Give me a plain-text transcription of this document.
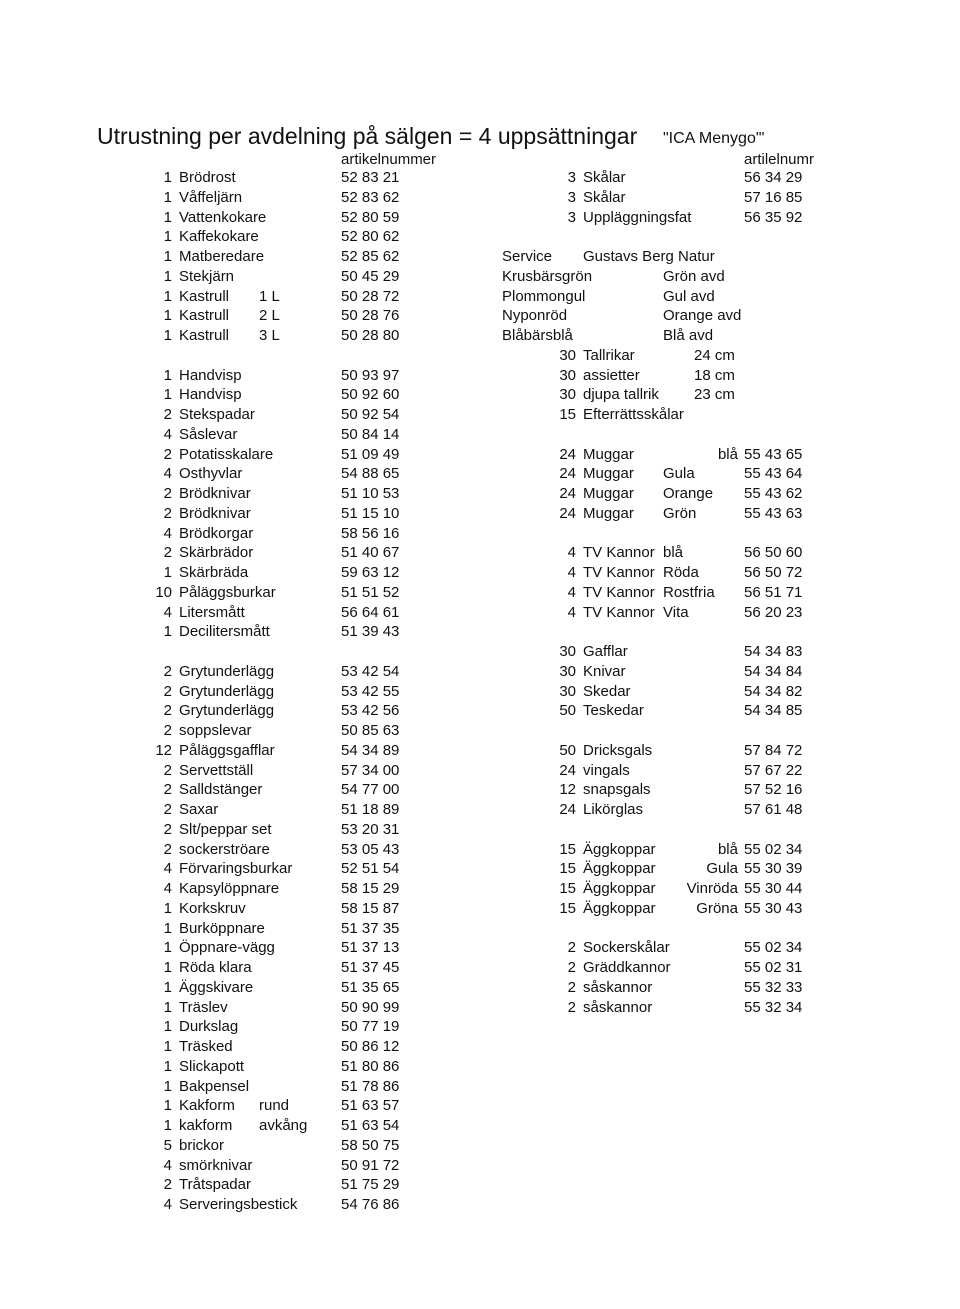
Utrustning per avdelning på sälgen = 4 uppsättningar "ICA Menygo"'
artikelnummer	artilelnumr
1 Brödrost	52 83 21
1 Våffeljärn	52 83 62
1 Vattenkokare	52 80 59
1 Kaffekokare	52 80 62
1 Matberedare	52 85 62
1 Stekjärn	50 45 29
1 Kastrull 1 L	50 28 72
1 Kastrull 2 L	50 28 76
1 Kastrull 3 L	50 28 80
1 Handvisp	50 93 97
1 Handvisp	50 92 60
2 Stekspadar	50 92 54
4 Såslevar	50 84 14
2 Potatisskalare	51 09 49
4 Osthyvlar	54 88 65
2 Brödknivar	51 10 53
2 Brödknivar	51 15 10
4 Brödkorgar	58 56 16
2 Skärbrädor	51 40 67
1 Skärbräda	59 63 12
10 Påläggsburkar	51 51 52
4 Litersmått	56 64 61
1 Decilitersmått	51 39 43
2 Grytunderlägg	53 42 54
2 Grytunderlägg	53 42 55
2 Grytunderlägg	53 42 56
2 soppslevar	50 85 63
12 Påläggsgafflar	54 34 89
2 Servettställ	57 34 00
2 Salldstänger	54 77 00
2 Saxar	51 18 89
2 Slt/peppar set	53 20 31
2 sockerströare	53 05 43
4 Förvaringsburkar	52 51 54
4 Kapsylöppnare	58 15 29
1 Korkskruv	58 15 87
1 Burköppnare	51 37 35
1 Öppnare-vägg	51 37 13
1 Röda klara	51 37 45
1 Äggskivare	51 35 65
1 Träslev	50 90 99
1 Durkslag	50 77 19
1 Träsked	50 86 12
1 Slickapott	51 80 86
1 Bakpensel	51 78 86
1 Kakform rund	51 63 57
1 kakform avkång 51 63 54
5 brickor	58 50 75
4 smörknivar	50 91 72
2 Tråtspadar	51 75 29
4 Serveringsbestick	54 76 86
3 Skålar	56 34 29
3 Skålar	57 16 85
3 Uppläggningsfat	56 35 92
Service Gustavs Berg Natur
Krusbärsgrön	Grön avd
Plommongul	Gul avd
Nyponröd	Orange avd
Blåbärsblå	Blå avd
30 Tallrikar	24 cm
30 assietter	18 cm
30 djupa tallrik 23 cm
15 Efterrättsskålar
24 Muggar	blå 55 43 65
24 Muggar Gula	55 43 64
24 Muggar Orange 55 43 62
24 Muggar Grön	55 43 63
4 TV Kannor blå	56 50 60
4 TV Kannor Röda	56 50 72
4 TV Kannor Rostfria 56 51 71
4 TV Kannor Vita	56 20 23
30 Gafflar	54 34 83
30 Knivar	54 34 84
30 Skedar	54 34 82
50 Teskedar	54 34 85
50 Dricksgals	57 84 72
24 vingals	57 67 22
12 snapsgals	57 52 16
24 Likörglas	57 61 48
15 Äggkoppar	blå 55 02 34
15 Äggkoppar	Gula 55 30 39
15 Äggkoppar	Vinröda 55 30 44
15 Äggkoppar	Gröna 55 30 43
2 Sockerskålar	55 02 34
2 Gräddkannor	55 02 31
2 såskannor	55 32 33
2 såskannor	55 32 34
